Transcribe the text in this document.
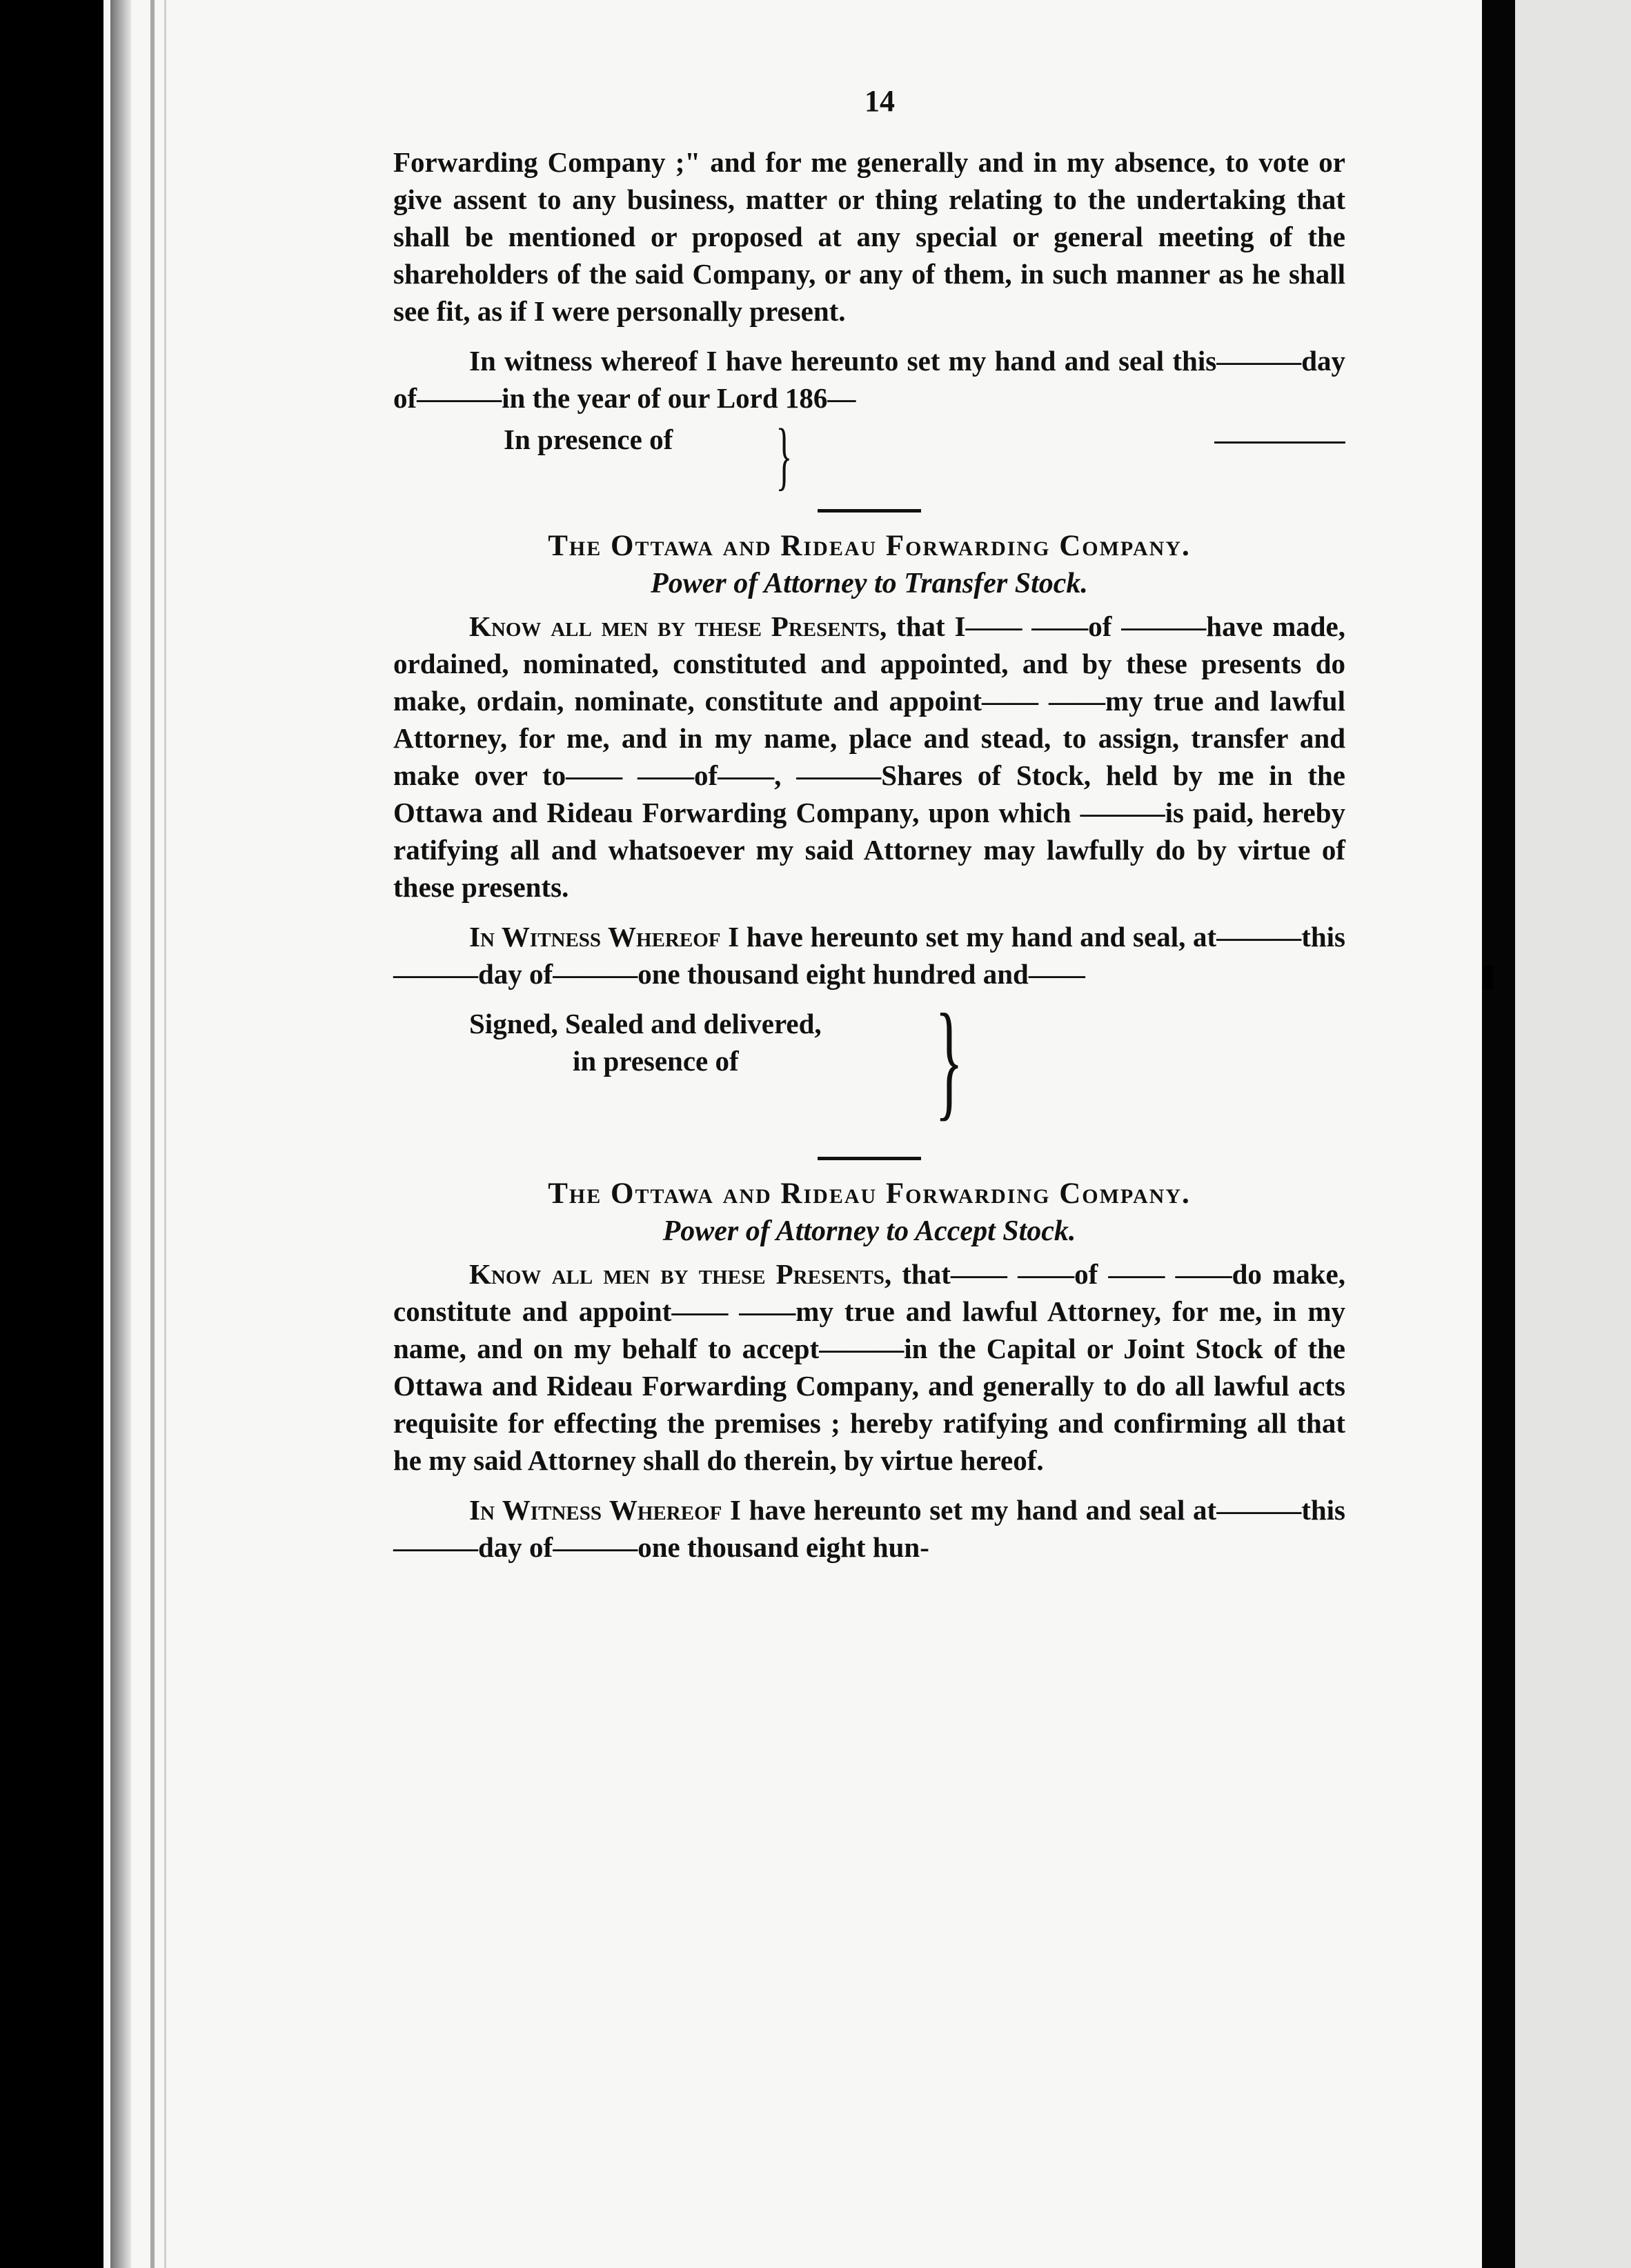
14

Forwarding Company ;" and for me generally and in my absence, to vote or give assent to any business, matter or thing relating to the undertaking that shall be mentioned or proposed at any special or general meeting of the shareholders of the said Company, or any of them, in such manner as he shall see fit, as if I were personally present.

In witness whereof I have hereunto set my hand and seal this———day of———in the year of our Lord 186—

In presence of }
The Ottawa and Rideau Forwarding Company.
Power of Attorney to Transfer Stock.

Know all men by these Presents, that I—— ——of ———have made, ordained, nominated, constituted and appointed, and by these presents do make, ordain, nominate, constitute and appoint—— ——my true and lawful Attorney, for me, and in my name, place and stead, to assign, transfer and make over to—— ——of——, ———Shares of Stock, held by me in the Ottawa and Rideau Forwarding Company, upon which ———is paid, hereby ratifying all and whatsoever my said Attorney may lawfully do by virtue of these presents.

In Witness Whereof I have hereunto set my hand and seal, at———this———day of———one thousand eight hundred and——

Signed, Sealed and delivered,
in presence of }
The Ottawa and Rideau Forwarding Company.
Power of Attorney to Accept Stock.

Know all men by these Presents, that—— ——of —— ——do make, constitute and appoint—— ——my true and lawful Attorney, for me, in my name, and on my behalf to accept———in the Capital or Joint Stock of the Ottawa and Rideau Forwarding Company, and generally to do all lawful acts requisite for effecting the premises ; hereby ratifying and confirming all that he my said Attorney shall do therein, by virtue hereof.

In Witness Whereof I have hereunto set my hand and seal at———this———day of———one thousand eight hun-
